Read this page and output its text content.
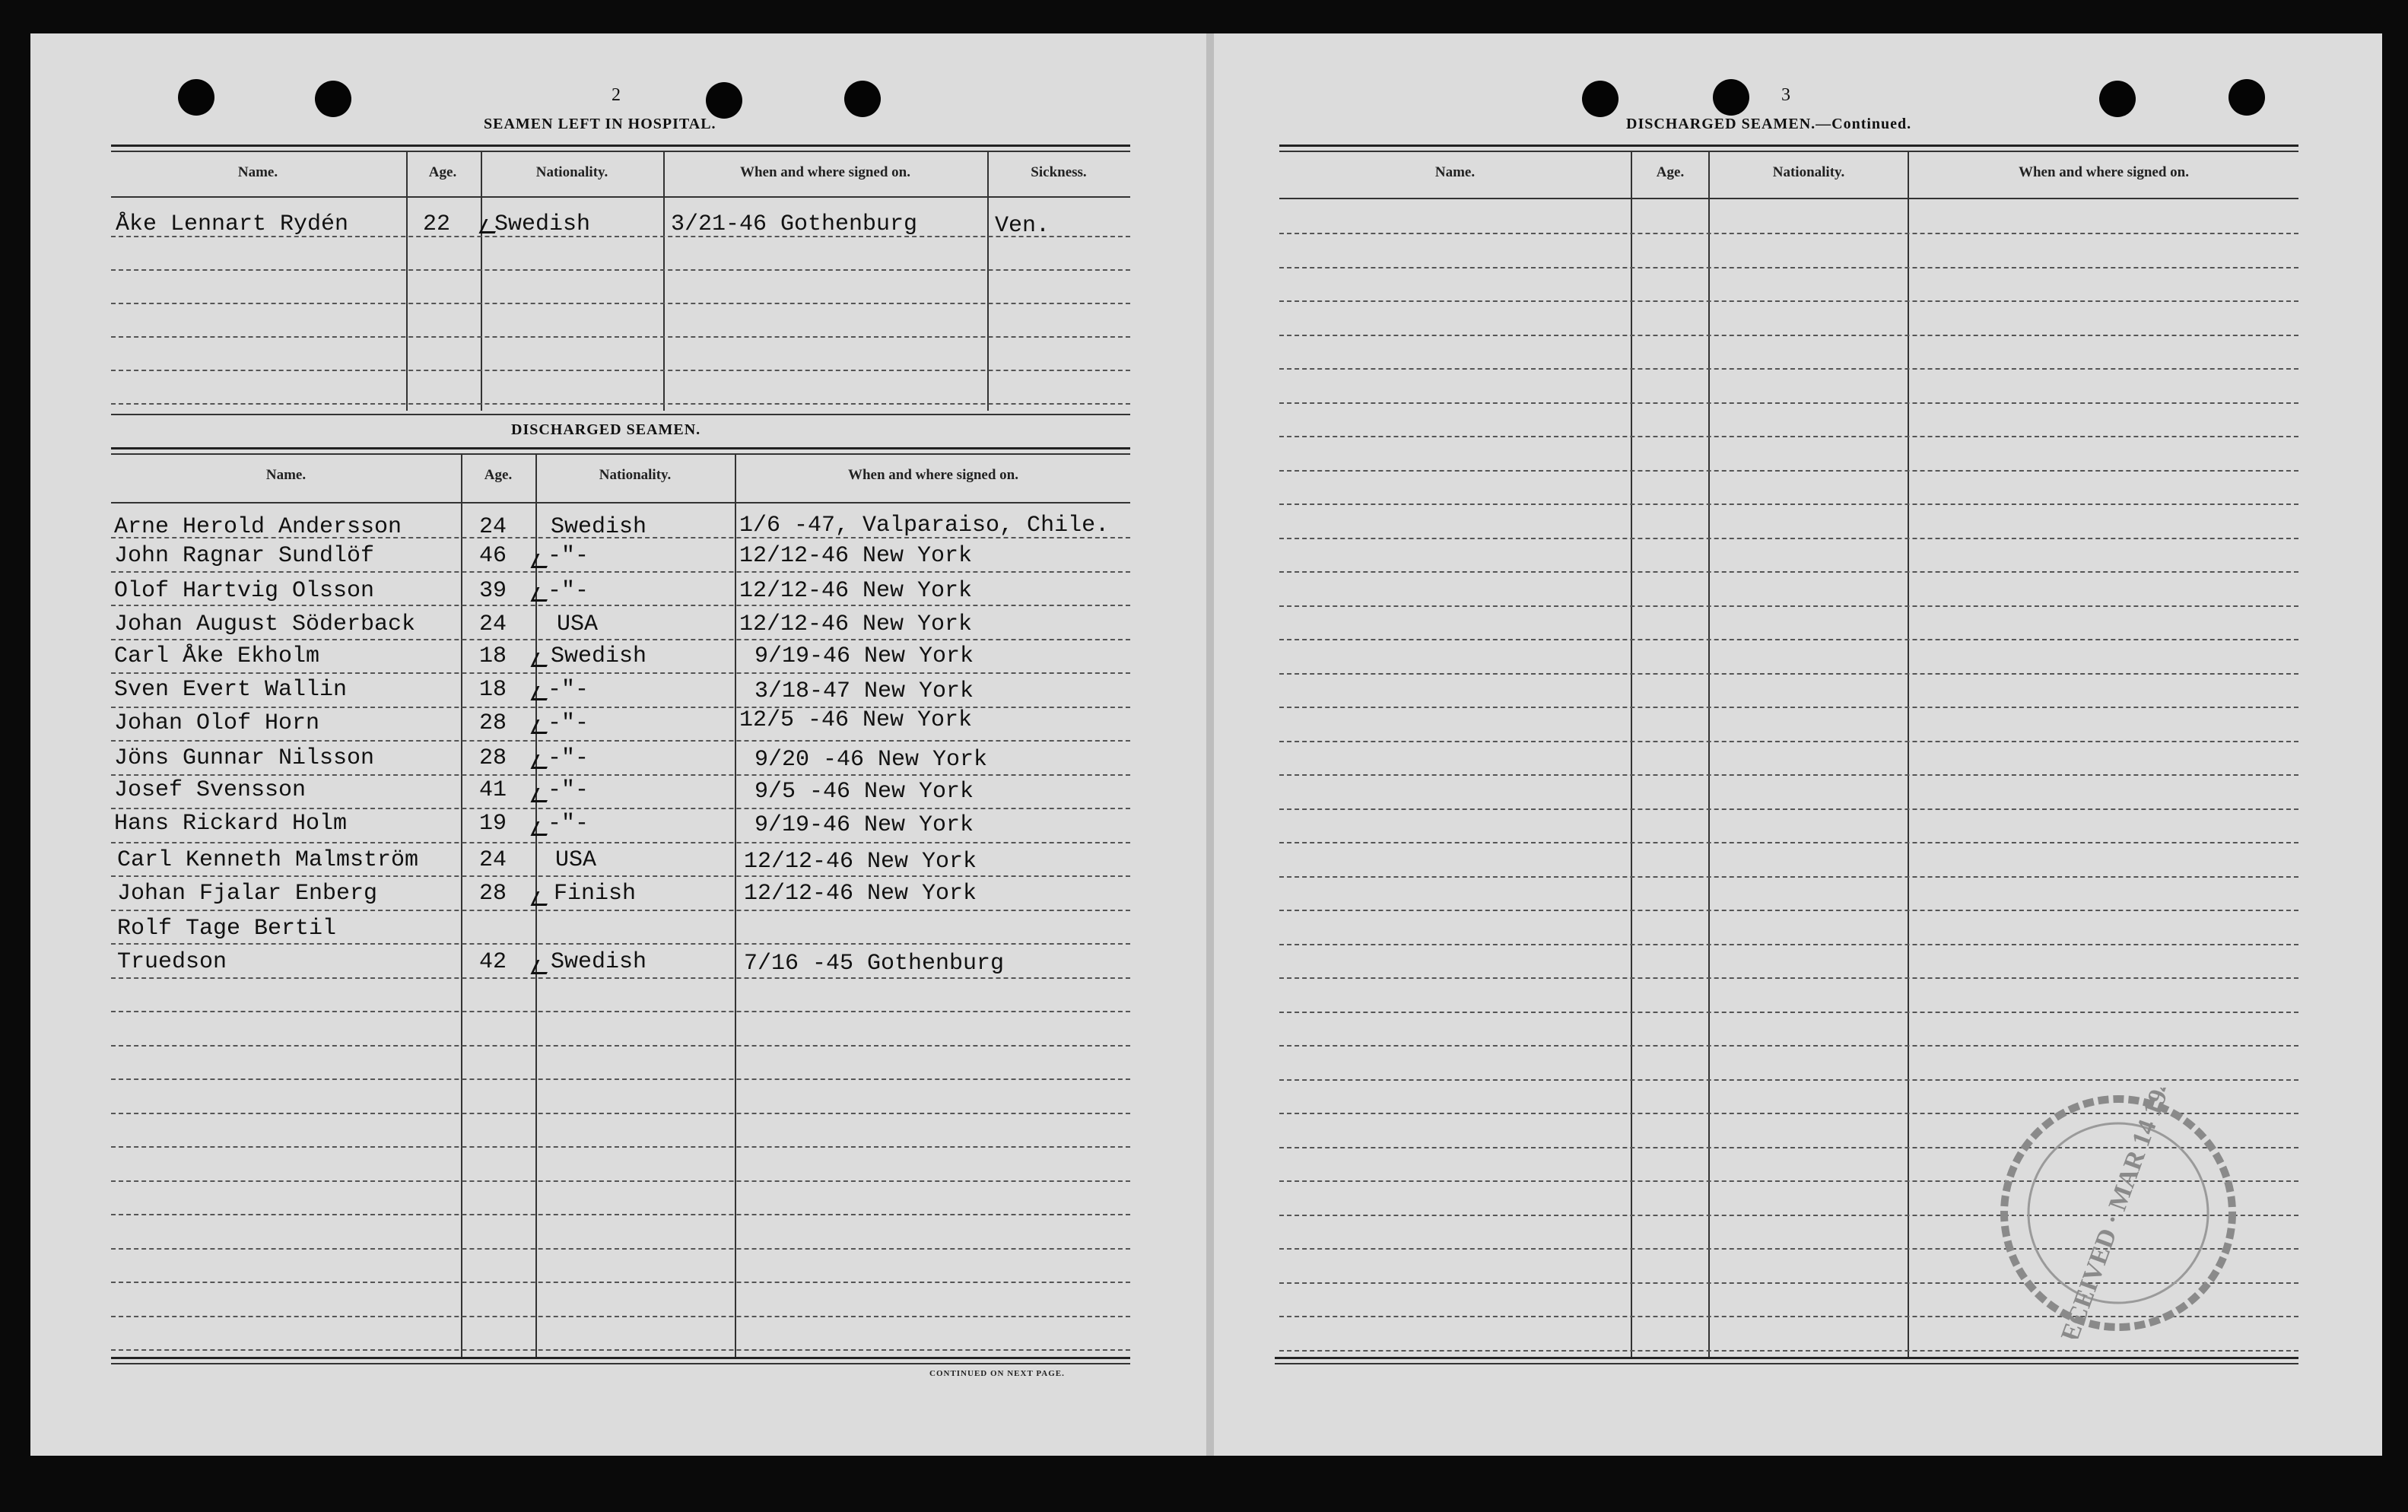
2
SEAMEN LEFT IN HOSPITAL.
Name.	Age.	Nationality.	When and where signed on.	Sickness.
Åke Lennart Rydén	22 Swedish	3/21-46 Gothenburg	Ven.
DISCHARGED SEAMEN.
Name.	Age.	Nationality.	When and where signed on.
Arne Herold Andersson	24 Swedish	1/6 -47, Valparaiso, Chile.
John Ragnar Sundlöf	46 -"-	12/12-46 New York
Olof Hartvig Olsson	39 -"-	12/12-46 New York
Johan August Söderback	24 USA	12/12-46 New York
Carl Åke Ekholm	18 Swedish	9/19-46 New York
Sven Evert Wallin	18 -"-	3/18-47 New York
Johan Olof Horn	28 -"-	12/5 -46 New York
Jöns Gunnar Nilsson	28 -"-	9/20 -46 New York
Josef Svensson	41 -"-	9/5 -46 New York
Hans Rickard Holm	19 -"-	9/19-46 New York
Carl Kenneth Malmström	24 USA	12/12-46 New York
Johan Fjalar Enberg	28 Finish	12/12-46 New York
Rolf Tage Bertil
Truedson	42 Swedish	7/16 -45 Gothenburg
CONTINUED ON NEXT PAGE.
3
DISCHARGED SEAMEN.—Continued.
Name.	Age.	Nationality.	When and where signed on.
RECEIVED · MAR 14 1947
